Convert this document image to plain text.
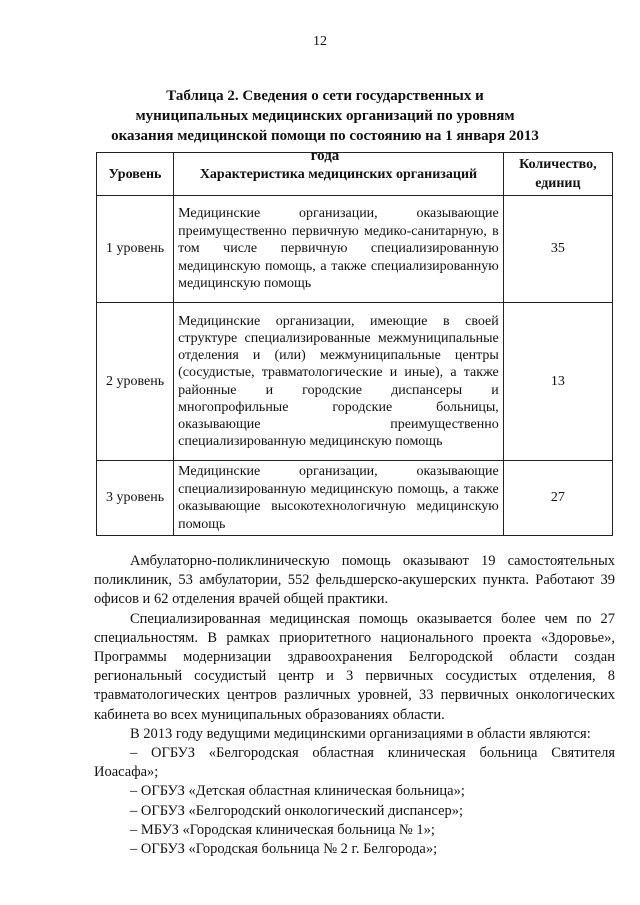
12
Таблица 2. Сведения о сети государственных и муниципальных медицинских организаций по уровням оказания медицинской помощи по состоянию на 1 января 2013 года
Уровень	Характеристика медицинских организаций	Количество, единиц
1 уровень	Медицинские организации, оказывающие преимущественно первичную медико-санитарную, в том числе первичную специализированную медицинскую помощь, а также специализированную медицинскую помощь	35
2 уровень	Медицинские организации, имеющие в своей структуре специализированные межмуниципальные отделения и (или) межмуниципальные центры (сосудистые, травматологические и иные), а также районные и городские диспансеры и многопрофильные городские больницы, оказывающие преимущественно специализированную медицинскую помощь	13
3 уровень	Медицинские организации, оказывающие специализированную медицинскую помощь, а также оказывающие высокотехнологичную медицинскую помощь	27

Амбулаторно-поликлиническую помощь оказывают 19 самостоятельных поликлиник, 53 амбулатории, 552 фельдшерско-акушерских пункта. Работают 39 офисов и 62 отделения врачей общей практики.

Специализированная медицинская помощь оказывается более чем по 27 специальностям. В рамках приоритетного национального проекта «Здоровье», Программы модернизации здравоохранения Белгородской области создан региональный сосудистый центр и 3 первичных сосудистых отделения, 8 травматологических центров различных уровней, 33 первичных онкологических кабинета во всех муниципальных образованиях области.

В 2013 году ведущими медицинскими организациями в области являются:

– ОГБУЗ «Белгородская областная клиническая больница Святителя Иоасафа»;

– ОГБУЗ «Детская областная клиническая больница»;

– ОГБУЗ «Белгородский онкологический диспансер»;

– МБУЗ «Городская клиническая больница № 1»;

– ОГБУЗ «Городская больница № 2 г. Белгорода»;
